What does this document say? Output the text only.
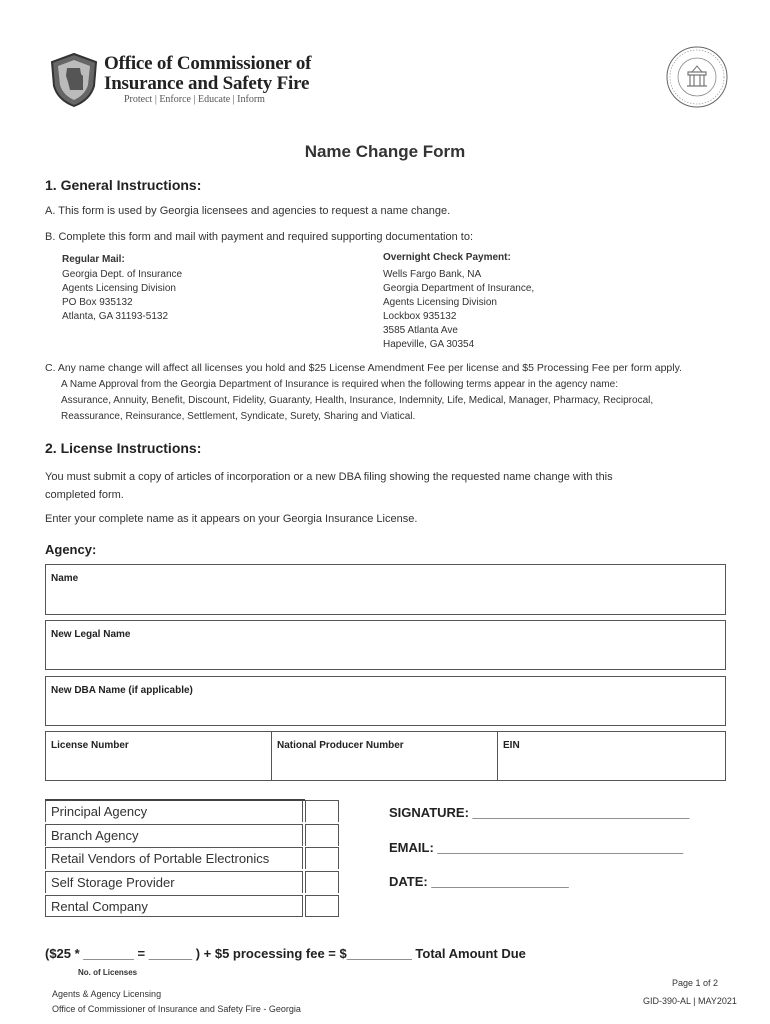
Office of Commissioner of
Insurance and Safety Fire
Protect | Enforce | Educate | Inform
Name Change Form
1. General Instructions:
A. This form is used by Georgia licensees and agencies to request a name change.
B. Complete this form and mail with payment and required supporting documentation to:
Regular Mail:
Georgia Dept. of Insurance
Agents Licensing Division
PO Box 935132
Atlanta, GA 31193-5132
Overnight Check Payment:
Wells Fargo Bank, NA
Georgia Department of Insurance,
Agents Licensing Division
Lockbox 935132
3585 Atlanta Ave
Hapeville, GA 30354
C. Any name change will affect all licenses you hold and $25 License Amendment Fee per license and $5 Processing Fee per form apply.
A Name Approval from the Georgia Department of Insurance is required when the following terms appear in the agency name:
Assurance, Annuity, Benefit, Discount, Fidelity, Guaranty, Health, Insurance, Indemnity, Life, Medical, Manager, Pharmacy, Reciprocal,
Reassurance, Reinsurance, Settlement, Syndicate, Surety, Sharing and Viatical.
2. License Instructions:
You must submit a copy of articles of incorporation or a new DBA filing showing the requested name change with this
completed form.
Enter your complete name as it appears on your Georgia Insurance License.
Agency:
Name
New Legal Name
New DBA Name (if applicable)
License Number	National Producer Number	EIN
Principal Agency
Branch Agency
Retail Vendors of Portable Electronics
Self Storage Provider
Rental Company
SIGNATURE: ______________________________
EMAIL: __________________________________
DATE: ___________________
($25 * _______ = ______ ) + $5 processing fee = $_________ Total Amount Due
No. of Licenses
Agents & Agency Licensing
Office of Commissioner of Insurance and Safety Fire - Georgia
Page 1 of 2
GID-390-AL | MAY2021
